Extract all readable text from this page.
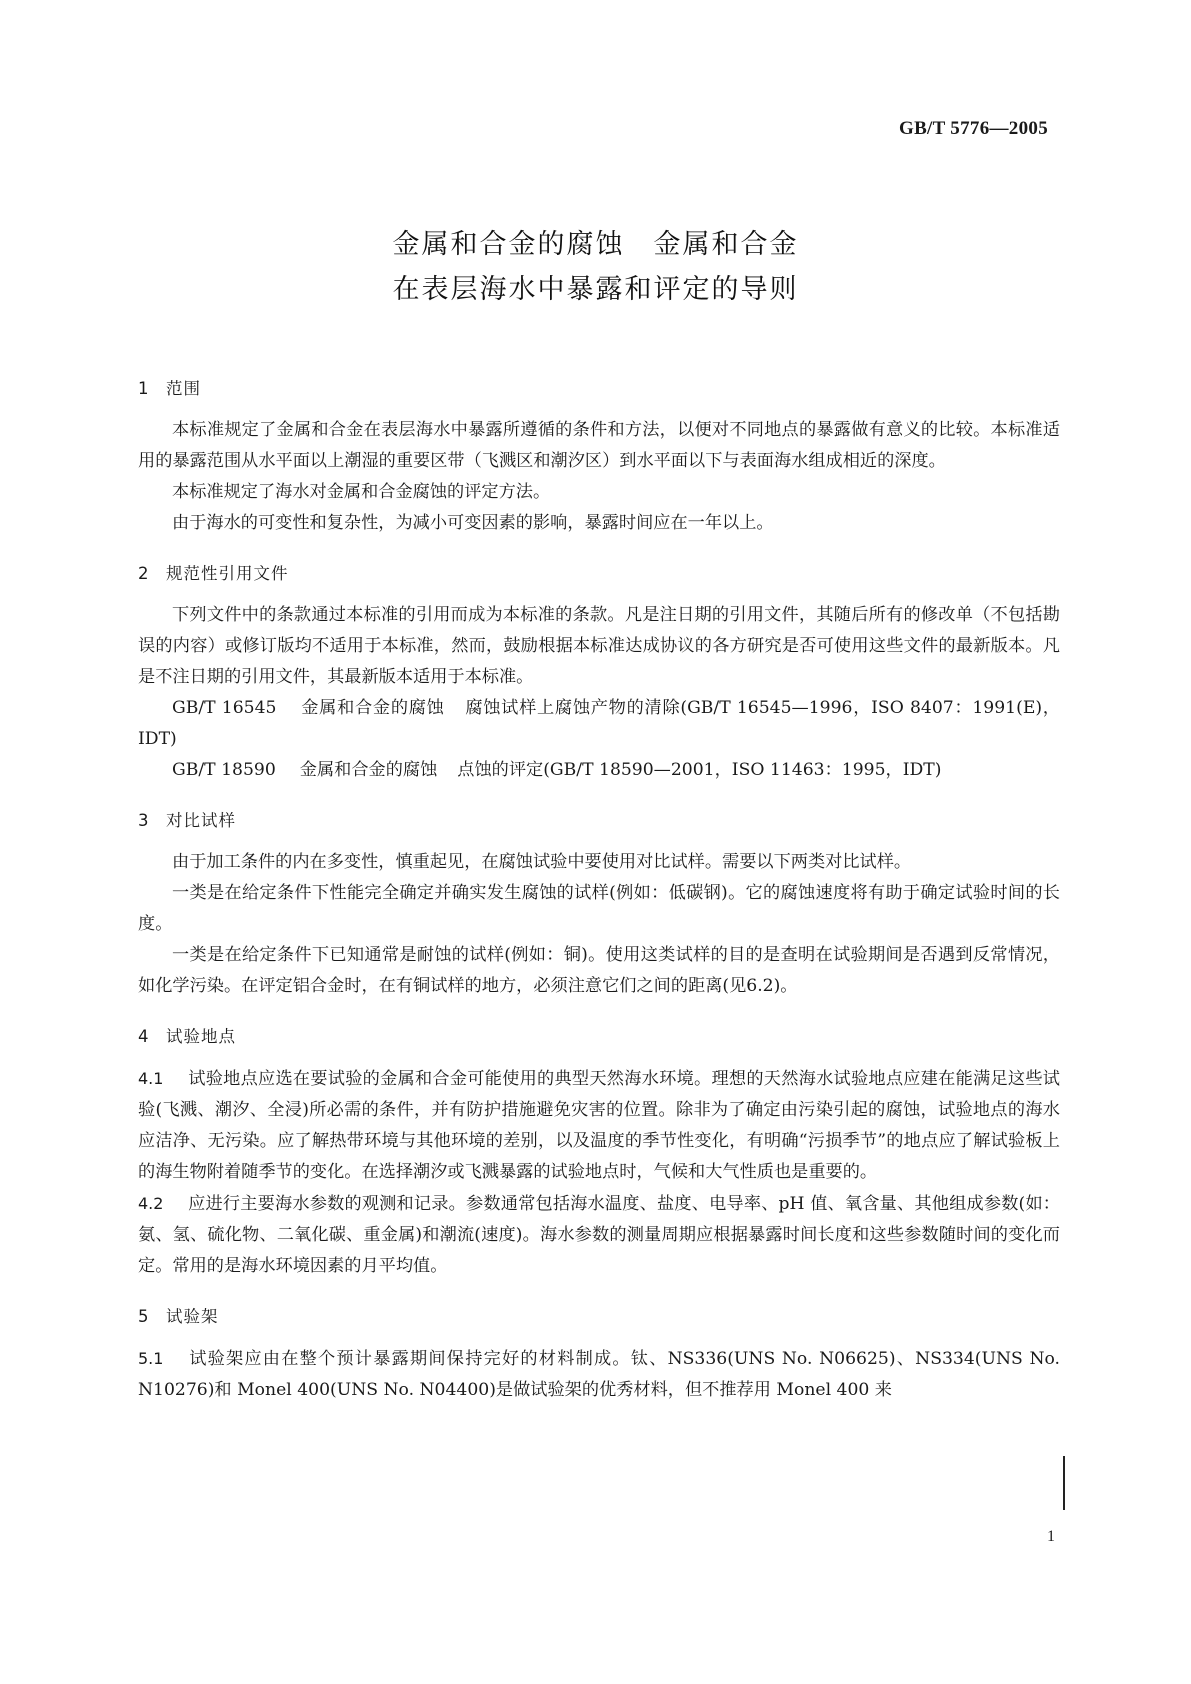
GB/T 5776—2005
金属和合金的腐蚀　金属和合金
在表层海水中暴露和评定的导则
1 范围

本标准规定了金属和合金在表层海水中暴露所遵循的条件和方法，以便对不同地点的暴露做有意义的比较。本标准适用的暴露范围从水平面以上潮湿的重要区带（飞溅区和潮汐区）到水平面以下与表面海水组成相近的深度。

本标准规定了海水对金属和合金腐蚀的评定方法。

由于海水的可变性和复杂性，为减小可变因素的影响，暴露时间应在一年以上。

2 规范性引用文件

下列文件中的条款通过本标准的引用而成为本标准的条款。凡是注日期的引用文件，其随后所有的修改单（不包括勘误的内容）或修订版均不适用于本标准，然而，鼓励根据本标准达成协议的各方研究是否可使用这些文件的最新版本。凡是不注日期的引用文件，其最新版本适用于本标准。

GB/T 16545 金属和合金的腐蚀 腐蚀试样上腐蚀产物的清除(GB/T 16545—1996，ISO 8407：1991(E)，IDT)

GB/T 18590 金属和合金的腐蚀 点蚀的评定(GB/T 18590—2001，ISO 11463：1995，IDT)

3 对比试样

由于加工条件的内在多变性，慎重起见，在腐蚀试验中要使用对比试样。需要以下两类对比试样。

一类是在给定条件下性能完全确定并确实发生腐蚀的试样(例如：低碳钢)。它的腐蚀速度将有助于确定试验时间的长度。

一类是在给定条件下已知通常是耐蚀的试样(例如：铜)。使用这类试样的目的是查明在试验期间是否遇到反常情况，如化学污染。在评定铝合金时，在有铜试样的地方，必须注意它们之间的距离(见6.2)。

4 试验地点

4.1 试验地点应选在要试验的金属和合金可能使用的典型天然海水环境。理想的天然海水试验地点应建在能满足这些试验(飞溅、潮汐、全浸)所必需的条件，并有防护措施避免灾害的位置。除非为了确定由污染引起的腐蚀，试验地点的海水应洁净、无污染。应了解热带环境与其他环境的差别，以及温度的季节性变化，有明确“污损季节”的地点应了解试验板上的海生物附着随季节的变化。在选择潮汐或飞溅暴露的试验地点时，气候和大气性质也是重要的。

4.2 应进行主要海水参数的观测和记录。参数通常包括海水温度、盐度、电导率、pH 值、氧含量、其他组成参数(如：氨、氢、硫化物、二氧化碳、重金属)和潮流(速度)。海水参数的测量周期应根据暴露时间长度和这些参数随时间的变化而定。常用的是海水环境因素的月平均值。

5 试验架

5.1 试验架应由在整个预计暴露期间保持完好的材料制成。钛、NS336(UNS No. N06625)、NS334(UNS No. N10276)和 Monel 400(UNS No. N04400)是做试验架的优秀材料，但不推荐用 Monel 400 来

1
